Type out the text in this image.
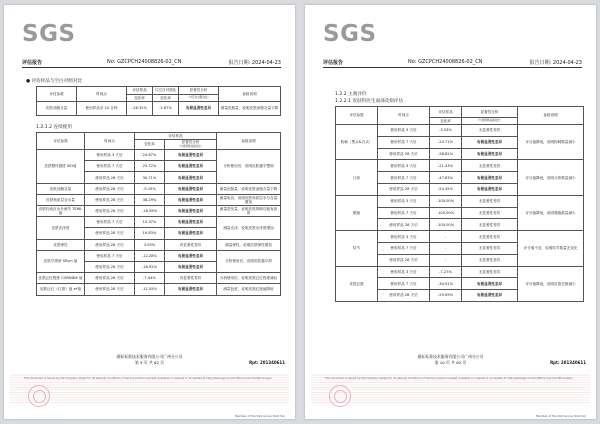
SGS
评估报告	No: GZCPCH24008826-02_CN	报告日期: 2024-04-23
● 评估样品与空白对照对比
评估参数	时间点	评估样品	与空白对照比	显著性分析	参数说明
		变化率	变化率	（与空白对照对比）	
皮肤油脂含量	使用样品后 10 分钟	-26.32%	-2.67%	有极显著性差异	测量皮脂量，说明皮肤油脂含量下降
1.2.1.2 连续使用
评估参数	时间点	评估样品		参数说明
		变化率	显著性分析
（与使用样品前对比）	
皮肤整体感度 SEr值	使用样品 3 天后	24.67%	有极显著性差异	分析使用后，说明皮肤越平整细
	使用样品 7 天后	25.72%	有极显著性差异	
	使用样品 28 天后	30.71%	有极显著性差异	
皮肤油脂含量	使用样品 28 天后	-9.15%	有极显著性差异	测量皮脂量，说明皮肤油脂含量下降
皮肤角质层含水量	使用样品 28 天后	38.29%	有极显著性差异	测量电容，说明皮肤角质层水分含量增加
皮肤经表皮水分流失 TEWL 值	使用样品 28 天后	-18.59%	有极显著性差异	测量蒸发量，说明皮肤屏障功能有改善
皮肤光泽度	使用样品 7 天后	10.37%	有极显著性差异	测量光泽，说明皮肤光泽度增加
	使用样品 28 天后	19.83%	有极显著性差异	
皮肤弹性	使用样品 28 天后	3.55%	有显著性差异	测量弹性，说明皮肤弹性增加
皮肤平滑度 SEsm 值	使用样品 7 天后	-12.28%	有极显著性差异	分析使用后，说明皮肤越平滑
	使用样品 28 天后	-16.92%	有极显著性差异	
皮肤泛红程度 CORNIDX 值	使用样品 28 天后	-7.44%	有显著性差异	分析使用后，说明皮肤泛红程度减轻
皮肤泛红（红斑）值 a*值	使用样品 28 天后	-11.05%	有极显著性差异	测量色度，说明皮肤红斑值降低
通标标准技术服务有限公司广州分公司
第 9 页 共 62 页	Rpt: 201340611
This document is issued by the Company subject to its General Conditions of Service printed overleaf, available on request or accessible at http://www.sgs.com/en/Terms-and-Conditions.aspx
Member of the SGS Group (SGS SA)
SGS
评估报告	No: GZCPCH24008826-02_CN	报告日期: 2024-04-23
1.2.2 主观评价
1.2.2.1 皮肤科医生面部皮损评估
评估参数	时间点	评估样品	显著性分析	参数说明
		变化率	（与使用样品前对比）	
粉刺（黑头&白头）	使用样品 3 天后	-3.53%	无显著性差异	评分值降低，说明粉刺数量减少
	使用样品 7 天后	-24.71%	有极显著性差异	
	使用样品 28 天后	-58.82%	有极显著性差异	
丘疹	使用样品 3 天后	-21.43%	无显著性差异	评分值降低，说明丘疹数量减少
	使用样品 7 天后	-47.83%	有极显著性差异	
	使用样品 28 天后	-54.35%	有极显著性差异	
脓疱	使用样品 3 天后	-100.00%	无显著性差异	评分值降低，说明脓疱数量减少
	使用样品 7 天后	-100.00%	无显著性差异	
	使用样品 28 天后	-100.00%	无显著性差异	
结节	使用样品 3 天后	-	无显著性差异	评分值不变，说明结节数量无变化
	使用样品 7 天后	-	无显著性差异	
	使用样品 28 天后	-	无显著性差异	
皮损总数	使用样品 3 天后	-7.27%	无显著性差异	评分值降低，说明皮损总数减少
	使用样品 7 天后	-30.91%	有极显著性差异	
	使用样品 28 天后	-59.09%	有极显著性差异	
通标标准技术服务有限公司广州分公司
第 10 页 共 62 页	Rpt: 201340611
This document is issued by the Company subject to its General Conditions of Service printed overleaf, available on request or accessible at http://www.sgs.com/en/Terms-and-Conditions.aspx
Member of the SGS Group (SGS SA)
